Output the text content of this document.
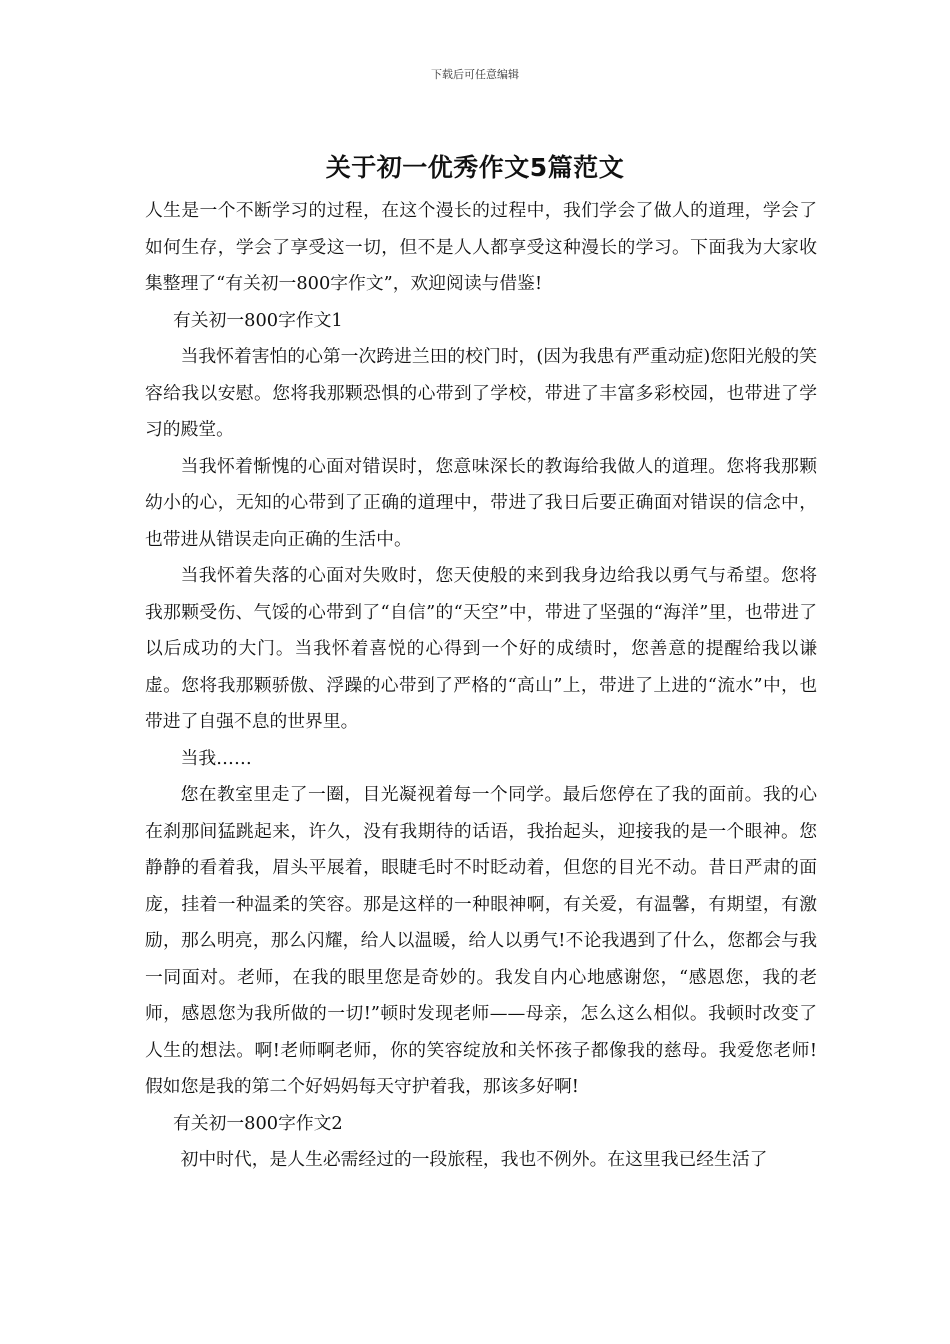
下载后可任意编辑
关于初一优秀作文5篇范文

人生是一个不断学习的过程，在这个漫长的过程中，我们学会了做人的道理，学会了如何生存，学会了享受这一切，但不是人人都享受这种漫长的学习。下面我为大家收集整理了“有关初一800字作文”，欢迎阅读与借鉴!

有关初一800字作文1

当我怀着害怕的心第一次跨进兰田的校门时，(因为我患有严重动症)您阳光般的笑容给我以安慰。您将我那颗恐惧的心带到了学校，带进了丰富多彩校园，也带进了学习的殿堂。

当我怀着惭愧的心面对错误时，您意味深长的教诲给我做人的道理。您将我那颗幼小的心，无知的心带到了正确的道理中，带进了我日后要正确面对错误的信念中，也带进从错误走向正确的生活中。

当我怀着失落的心面对失败时，您天使般的来到我身边给我以勇气与希望。您将我那颗受伤、气馁的心带到了“自信”的“天空”中，带进了坚强的“海洋”里，也带进了以后成功的大门。当我怀着喜悦的心得到一个好的成绩时，您善意的提醒给我以谦虚。您将我那颗骄傲、浮躁的心带到了严格的“高山”上，带进了上进的“流水”中，也带进了自强不息的世界里。

当我……

您在教室里走了一圈，目光凝视着每一个同学。最后您停在了我的面前。我的心在刹那间猛跳起来，许久，没有我期待的话语，我抬起头，迎接我的是一个眼神。您静静的看着我，眉头平展着，眼睫毛时不时眨动着，但您的目光不动。昔日严肃的面庞，挂着一种温柔的笑容。那是这样的一种眼神啊，有关爱，有温馨，有期望，有激励，那么明亮，那么闪耀，给人以温暖，给人以勇气!不论我遇到了什么，您都会与我一同面对。老师，在我的眼里您是奇妙的。我发自内心地感谢您，“感恩您，我的老师，感恩您为我所做的一切!”顿时发现老师——母亲，怎么这么相似。我顿时改变了人生的想法。啊!老师啊老师，你的笑容绽放和关怀孩子都像我的慈母。我爱您老师!假如您是我的第二个好妈妈每天守护着我，那该多好啊!

有关初一800字作文2

初中时代，是人生必需经过的一段旅程，我也不例外。在这里我已经生活了
